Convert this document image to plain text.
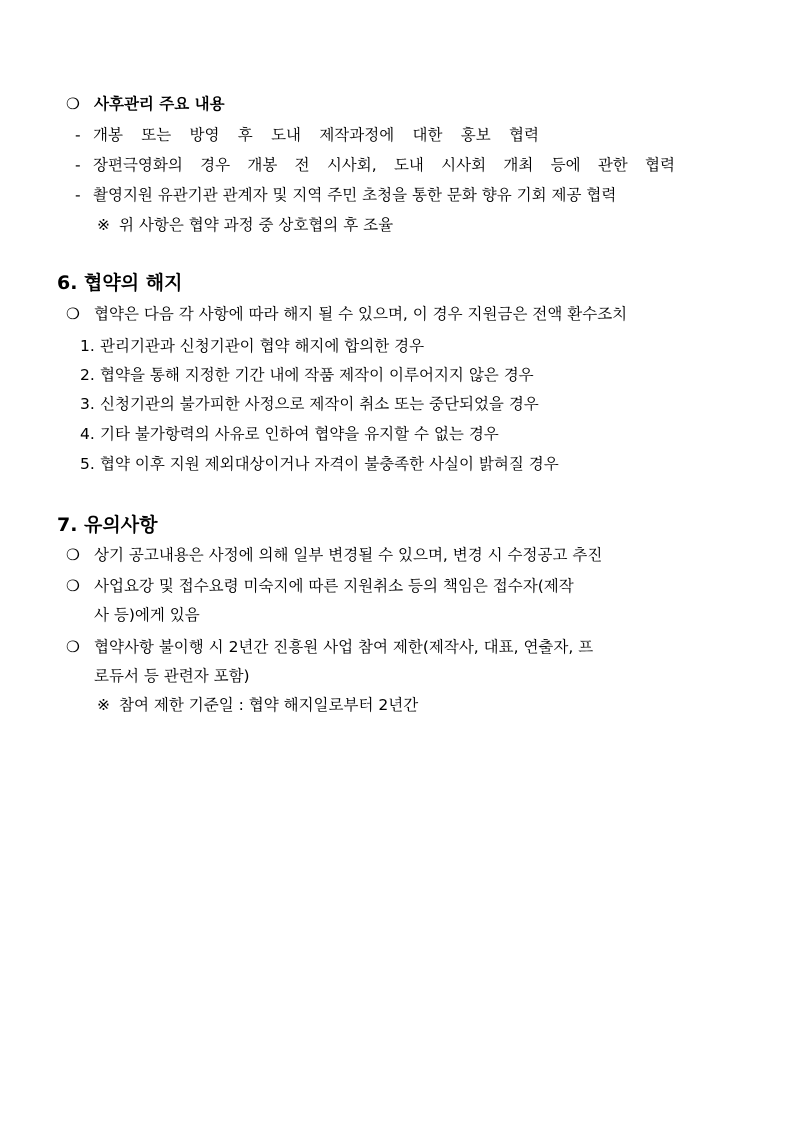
❍ 사후관리 주요 내용
- 개봉 또는 방영 후 도내 제작과정에 대한 홍보 협력
- 장편극영화의 경우 개봉 전 시사회, 도내 시사회 개최 등에 관한 협력
- 촬영지원 유관기관 관계자 및 지역 주민 초청을 통한 문화 향유 기회 제공 협력
※ 위 사항은 협약 과정 중 상호협의 후 조율
6. 협약의 해지
❍ 협약은 다음 각 사항에 따라 해지 될 수 있으며, 이 경우 지원금은 전액 환수조치
1. 관리기관과 신청기관이 협약 해지에 합의한 경우
2. 협약을 통해 지정한 기간 내에 작품 제작이 이루어지지 않은 경우
3. 신청기관의 불가피한 사정으로 제작이 취소 또는 중단되었을 경우
4. 기타 불가항력의 사유로 인하여 협약을 유지할 수 없는 경우
5. 협약 이후 지원 제외대상이거나 자격이 불충족한 사실이 밝혀질 경우
7. 유의사항
❍ 상기 공고내용은 사정에 의해 일부 변경될 수 있으며, 변경 시 수정공고 추진
❍ 사업요강 및 접수요령 미숙지에 따른 지원취소 등의 책임은 접수자(제작
사 등)에게 있음
❍ 협약사항 불이행 시 2년간 진흥원 사업 참여 제한(제작사, 대표, 연출자, 프
로듀서 등 관련자 포함)
※ 참여 제한 기준일 : 협약 해지일로부터 2년간
